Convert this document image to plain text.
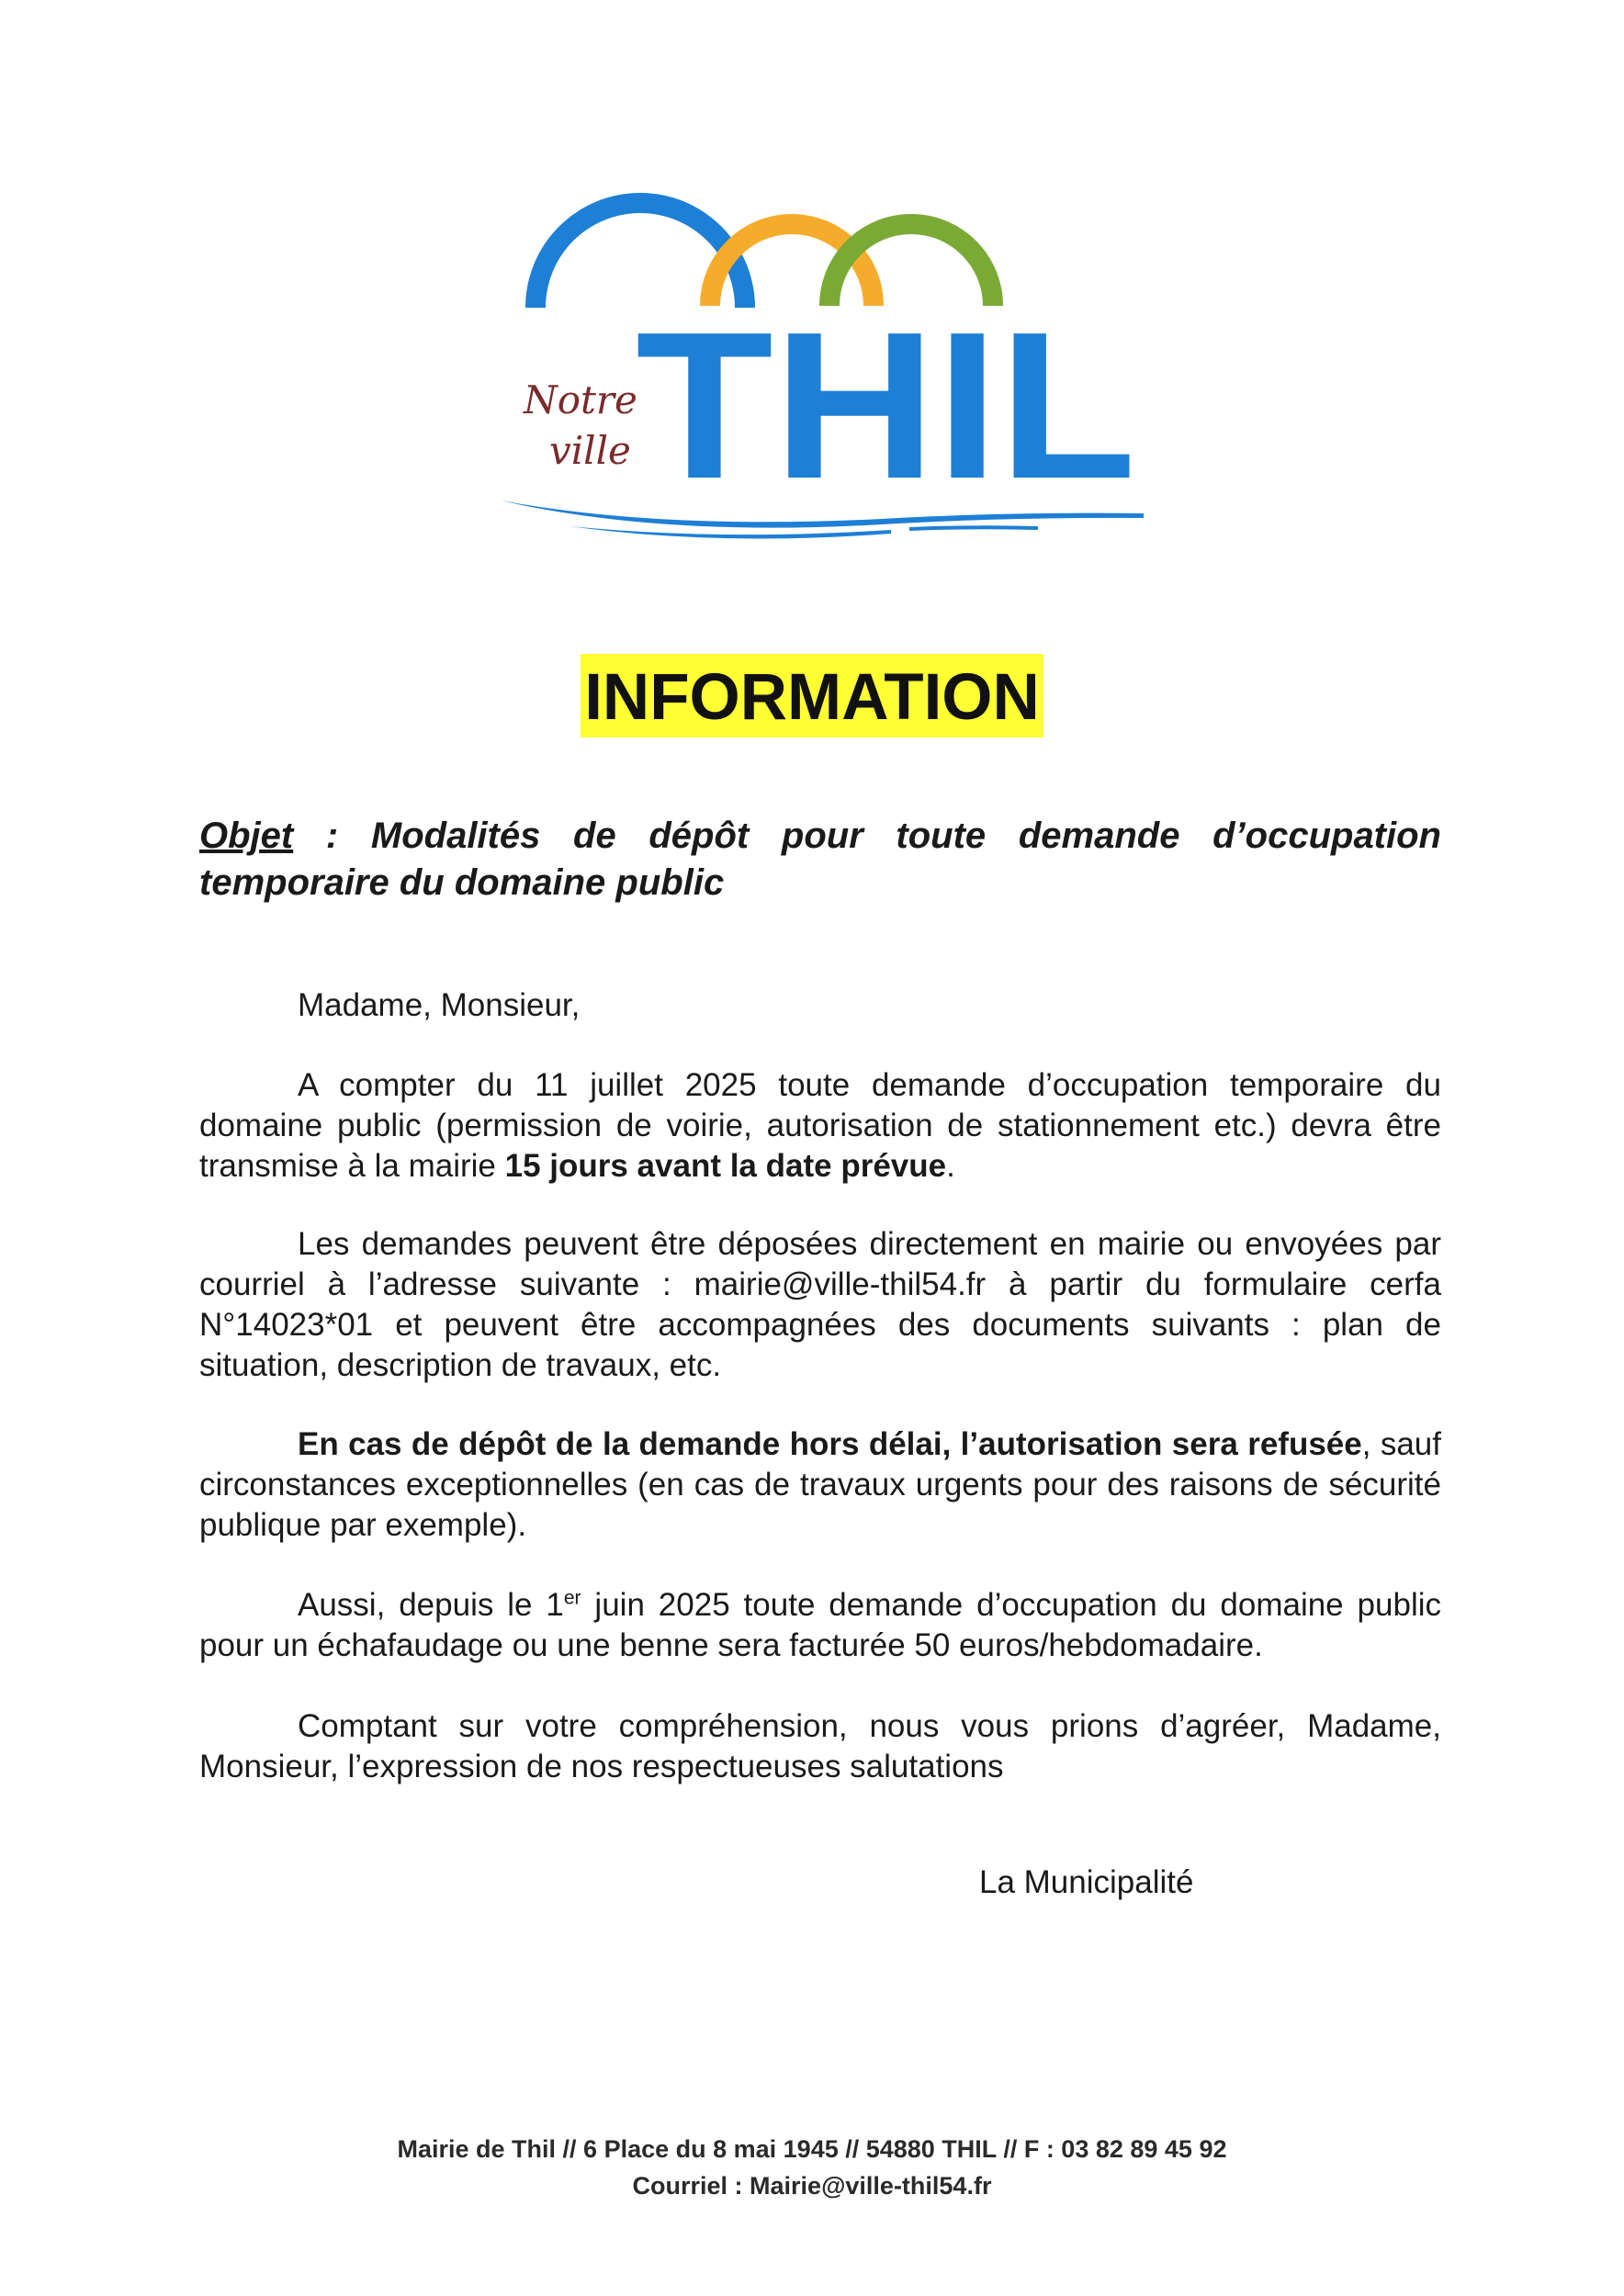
THIL
Notre
ville
INFORMATION
Objet : Modalités de dépôt pour toute demande d’occupation temporaire du domaine public
Madame, Monsieur,
A compter du 11 juillet 2025 toute demande d’occupation temporaire du domaine public (permission de voirie, autorisation de stationnement etc.) devra être transmise à la mairie 15 jours avant la date prévue.
Les demandes peuvent être déposées directement en mairie ou envoyées par courriel à l’adresse suivante : mairie@ville-thil54.fr à partir du formulaire cerfa N°14023*01 et peuvent être accompagnées des documents suivants : plan de situation, description de travaux, etc.
En cas de dépôt de la demande hors délai, l’autorisation sera refusée, sauf circonstances exceptionnelles (en cas de travaux urgents pour des raisons de sécurité publique par exemple).
Aussi, depuis le 1er juin 2025 toute demande d’occupation du domaine public pour un échafaudage ou une benne sera facturée 50 euros/hebdomadaire.
Comptant sur votre compréhension, nous vous prions d’agréer, Madame, Monsieur, l’expression de nos respectueuses salutations
La Municipalité
Mairie de Thil // 6 Place du 8 mai 1945 // 54880 THIL // F : 03 82 89 45 92
Courriel : Mairie@ville-thil54.fr
